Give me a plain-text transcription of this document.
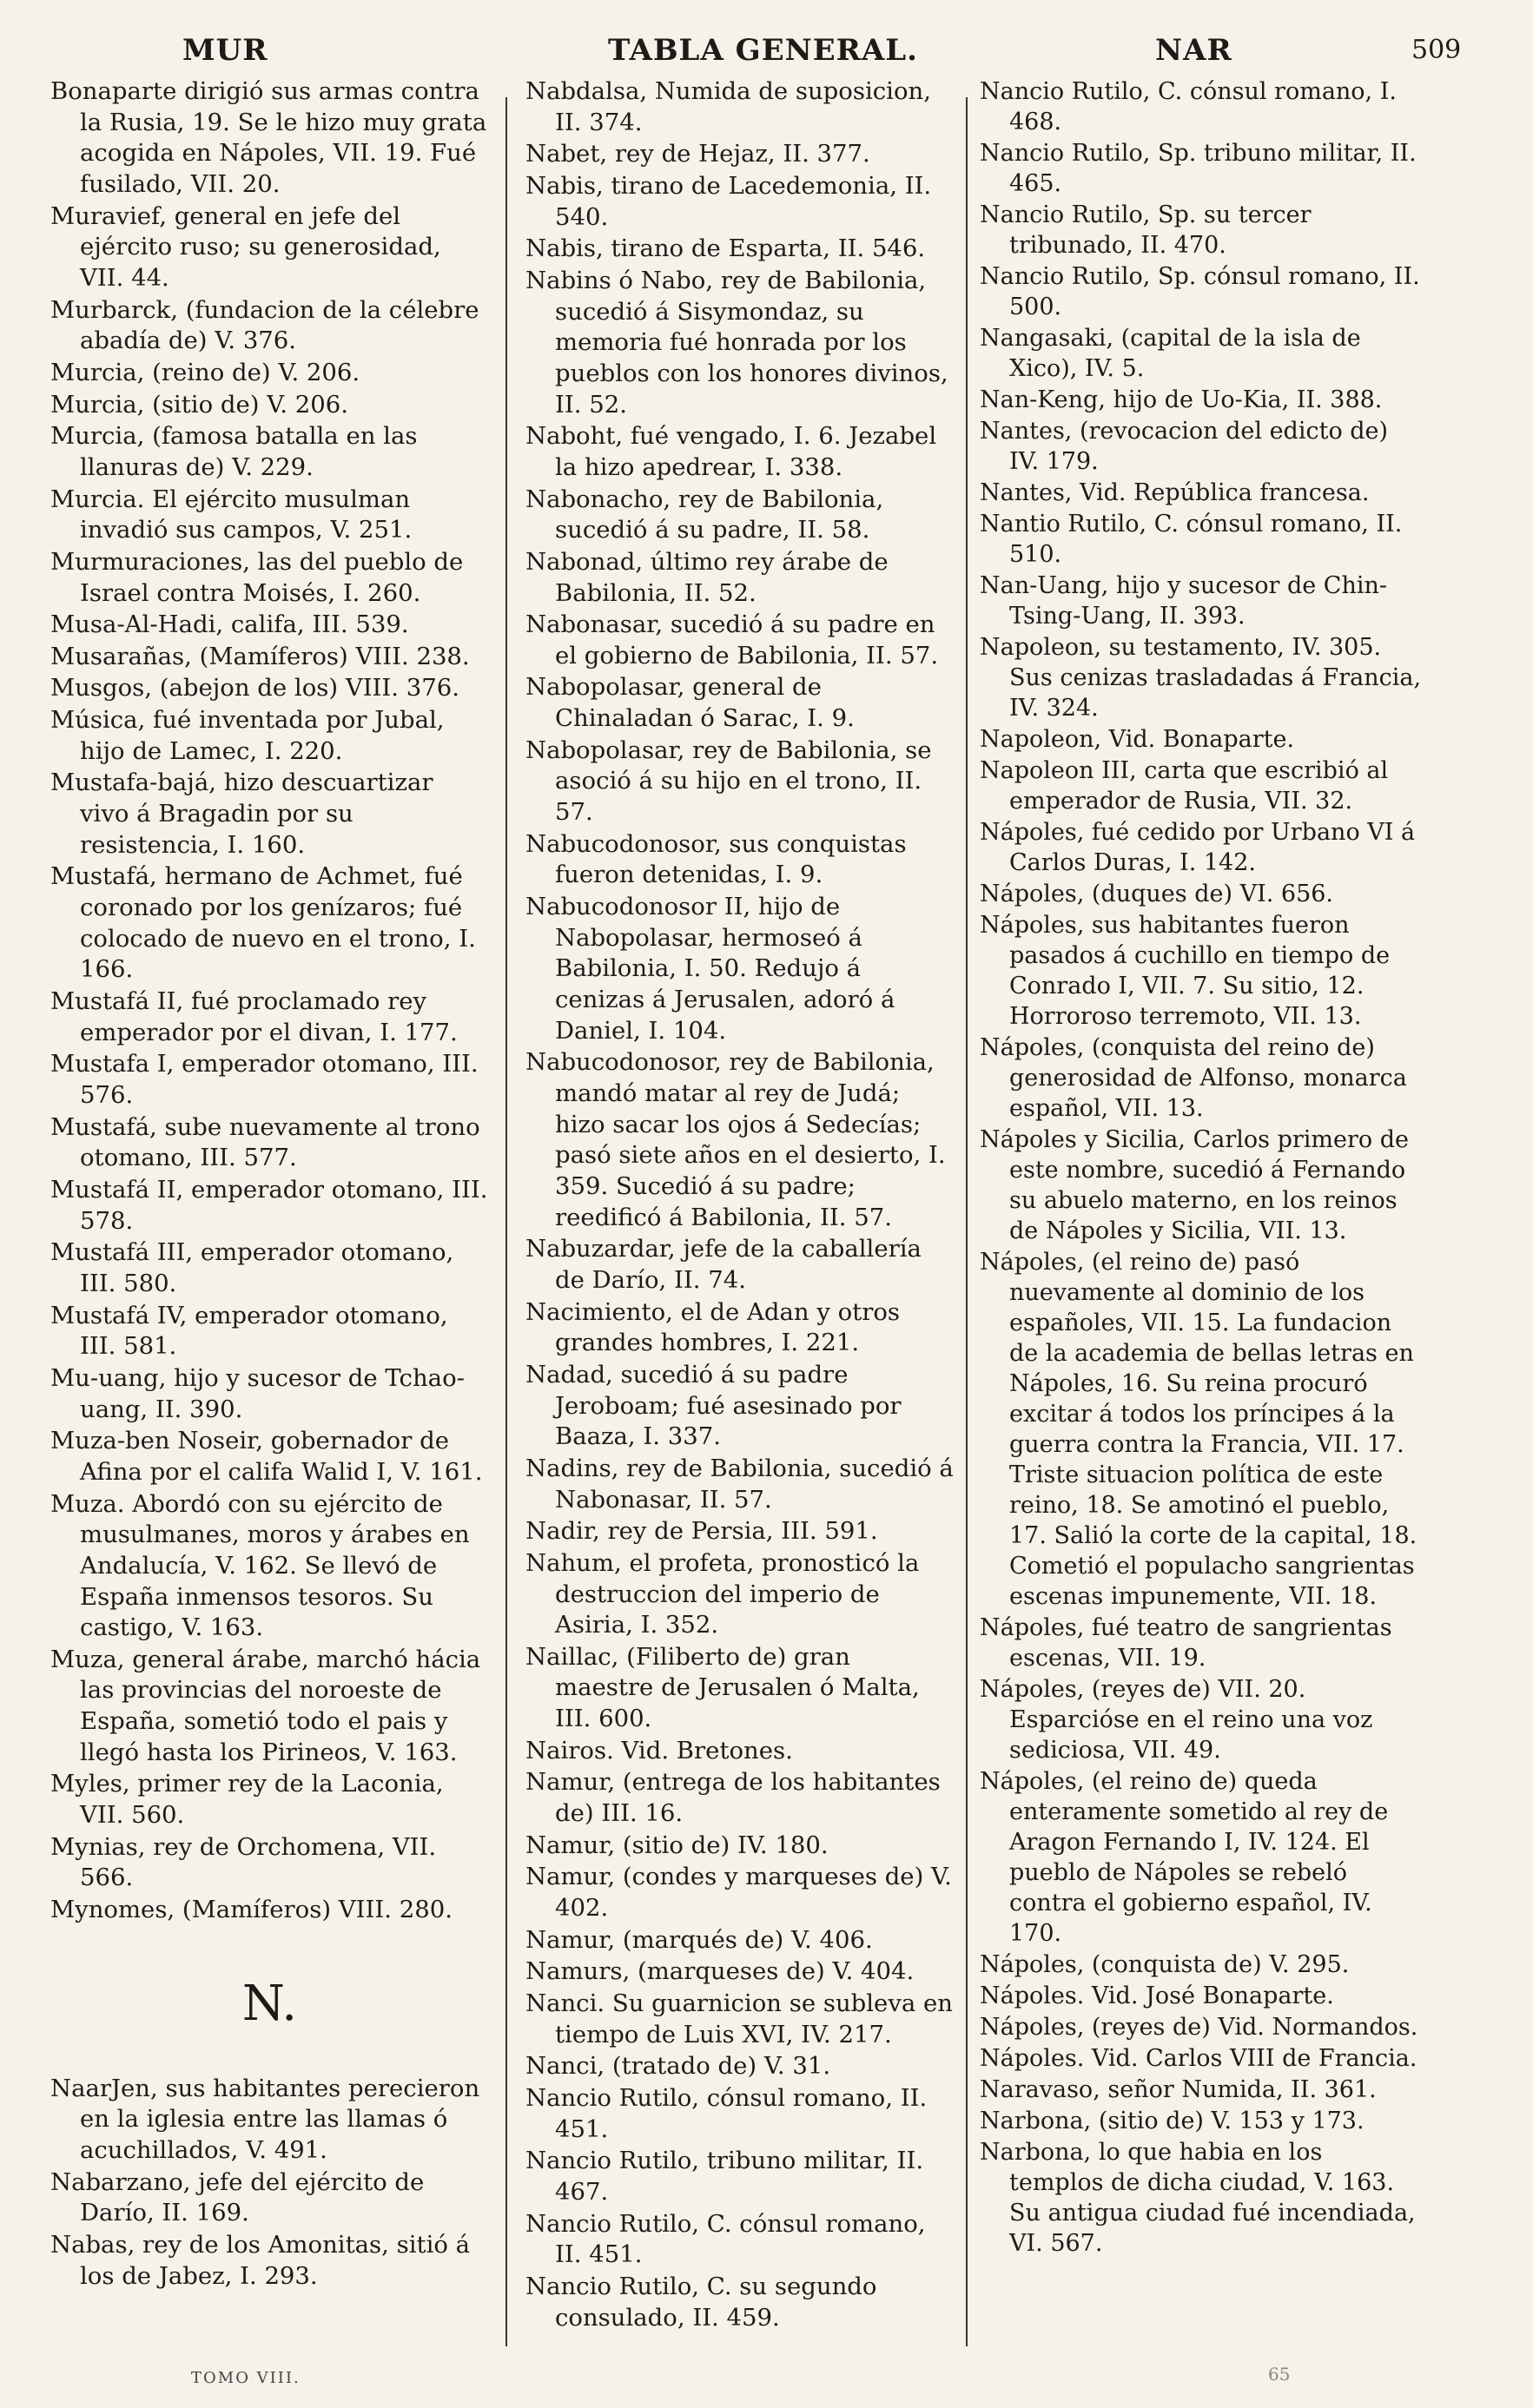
MUR	TABLA GENERAL.	NAR	509
Bonaparte dirigió sus armas contra la Rusia, 19. Se le hizo muy grata acogida en Nápoles, VII. 19. Fué fusilado, VII. 20.
Muravief, general en jefe del ejército ruso; su generosidad, VII. 44.
Murbarck, (fundacion de la célebre abadía de) V. 376.
Murcia, (reino de) V. 206.
Murcia, (sitio de) V. 206.
Murcia, (famosa batalla en las llanuras de) V. 229.
Murcia. El ejército musulman invadió sus campos, V. 251.
Murmuraciones, las del pueblo de Israel contra Moisés, I. 260.
Musa-Al-Hadi, califa, III. 539.
Musarañas, (Mamíferos) VIII. 238.
Musgos, (abejon de los) VIII. 376.
Música, fué inventada por Jubal, hijo de Lamec, I. 220.
Mustafa-bajá, hizo descuartizar vivo á Bragadin por su resistencia, I. 160.
Mustafá, hermano de Achmet, fué coronado por los genízaros; fué colocado de nuevo en el trono, I. 166.
Mustafá II, fué proclamado rey emperador por el divan, I. 177.
Mustafa I, emperador otomano, III. 576.
Mustafá, sube nuevamente al trono otomano, III. 577.
Mustafá II, emperador otomano, III. 578.
Mustafá III, emperador otomano, III. 580.
Mustafá IV, emperador otomano, III. 581.
Mu-uang, hijo y sucesor de Tchao-uang, II. 390.
Muza-ben Noseir, gobernador de Afina por el califa Walid I, V. 161.
Muza. Abordó con su ejército de musulmanes, moros y árabes en Andalucía, V. 162. Se llevó de España inmensos tesoros. Su castigo, V. 163.
Muza, general árabe, marchó hácia las provincias del noroeste de España, sometió todo el pais y llegó hasta los Pirineos, V. 163.
Myles, primer rey de la Laconia, VII. 560.
Mynias, rey de Orchomena, VII. 566.
Mynomes, (Mamíferos) VIII. 280.
N.
NaarJen, sus habitantes perecieron en la iglesia entre las llamas ó acuchillados, V. 491.
Nabarzano, jefe del ejército de Darío, II. 169.
Nabas, rey de los Amonitas, sitió á los de Jabez, I. 293.
Nabdalsa, Numida de suposicion, II. 374.
Nabet, rey de Hejaz, II. 377.
Nabis, tirano de Lacedemonia, II. 540.
Nabis, tirano de Esparta, II. 546.
Nabins ó Nabo, rey de Babilonia, sucedió á Sisymondaz, su memoria fué honrada por los pueblos con los honores divinos, II. 52.
Naboht, fué vengado, I. 6. Jezabel la hizo apedrear, I. 338.
Nabonacho, rey de Babilonia, sucedió á su padre, II. 58.
Nabonad, último rey árabe de Babilonia, II. 52.
Nabonasar, sucedió á su padre en el gobierno de Babilonia, II. 57.
Nabopolasar, general de Chinaladan ó Sarac, I. 9.
Nabopolasar, rey de Babilonia, se asoció á su hijo en el trono, II. 57.
Nabucodonosor, sus conquistas fueron detenidas, I. 9.
Nabucodonosor II, hijo de Nabopolasar, hermoseó á Babilonia, I. 50. Redujo á cenizas á Jerusalen, adoró á Daniel, I. 104.
Nabucodonosor, rey de Babilonia, mandó matar al rey de Judá; hizo sacar los ojos á Sedecías; pasó siete años en el desierto, I. 359. Sucedió á su padre; reedificó á Babilonia, II. 57.
Nabuzardar, jefe de la caballería de Darío, II. 74.
Nacimiento, el de Adan y otros grandes hombres, I. 221.
Nadad, sucedió á su padre Jeroboam; fué asesinado por Baaza, I. 337.
Nadins, rey de Babilonia, sucedió á Nabonasar, II. 57.
Nadir, rey de Persia, III. 591.
Nahum, el profeta, pronosticó la destruccion del imperio de Asiria, I. 352.
Naillac, (Filiberto de) gran maestre de Jerusalen ó Malta, III. 600.
Nairos. Vid. Bretones.
Namur, (entrega de los habitantes de) III. 16.
Namur, (sitio de) IV. 180.
Namur, (condes y marqueses de) V. 402.
Namur, (marqués de) V. 406.
Namurs, (marqueses de) V. 404.
Nanci. Su guarnicion se subleva en tiempo de Luis XVI, IV. 217.
Nanci, (tratado de) V. 31.
Nancio Rutilo, cónsul romano, II. 451.
Nancio Rutilo, tribuno militar, II. 467.
Nancio Rutilo, C. cónsul romano, II. 451.
Nancio Rutilo, C. su segundo consulado, II. 459.
Nancio Rutilo, C. cónsul romano, I. 468.
Nancio Rutilo, Sp. tribuno militar, II. 465.
Nancio Rutilo, Sp. su tercer tribunado, II. 470.
Nancio Rutilo, Sp. cónsul romano, II. 500.
Nangasaki, (capital de la isla de Xico), IV. 5.
Nan-Keng, hijo de Uo-Kia, II. 388.
Nantes, (revocacion del edicto de) IV. 179.
Nantes, Vid. República francesa.
Nantio Rutilo, C. cónsul romano, II. 510.
Nan-Uang, hijo y sucesor de Chin-Tsing-Uang, II. 393.
Napoleon, su testamento, IV. 305. Sus cenizas trasladadas á Francia, IV. 324.
Napoleon, Vid. Bonaparte.
Napoleon III, carta que escribió al emperador de Rusia, VII. 32.
Nápoles, fué cedido por Urbano VI á Carlos Duras, I. 142.
Nápoles, (duques de) VI. 656.
Nápoles, sus habitantes fueron pasados á cuchillo en tiempo de Conrado I, VII. 7. Su sitio, 12. Horroroso terremoto, VII. 13.
Nápoles, (conquista del reino de) generosidad de Alfonso, monarca español, VII. 13.
Nápoles y Sicilia, Carlos primero de este nombre, sucedió á Fernando su abuelo materno, en los reinos de Nápoles y Sicilia, VII. 13.
Nápoles, (el reino de) pasó nuevamente al dominio de los españoles, VII. 15. La fundacion de la academia de bellas letras en Nápoles, 16. Su reina procuró excitar á todos los príncipes á la guerra contra la Francia, VII. 17. Triste situacion política de este reino, 18. Se amotinó el pueblo, 17. Salió la corte de la capital, 18. Cometió el populacho sangrientas escenas impunemente, VII. 18.
Nápoles, fué teatro de sangrientas escenas, VII. 19.
Nápoles, (reyes de) VII. 20. Esparcióse en el reino una voz sediciosa, VII. 49.
Nápoles, (el reino de) queda enteramente sometido al rey de Aragon Fernando I, IV. 124. El pueblo de Nápoles se rebeló contra el gobierno español, IV. 170.
Nápoles, (conquista de) V. 295.
Nápoles. Vid. José Bonaparte.
Nápoles, (reyes de) Vid. Normandos.
Nápoles. Vid. Carlos VIII de Francia.
Naravaso, señor Numida, II. 361.
Narbona, (sitio de) V. 153 y 173.
Narbona, lo que habia en los templos de dicha ciudad, V. 163. Su antigua ciudad fué incendiada, VI. 567.
TOMO VIII.	65
